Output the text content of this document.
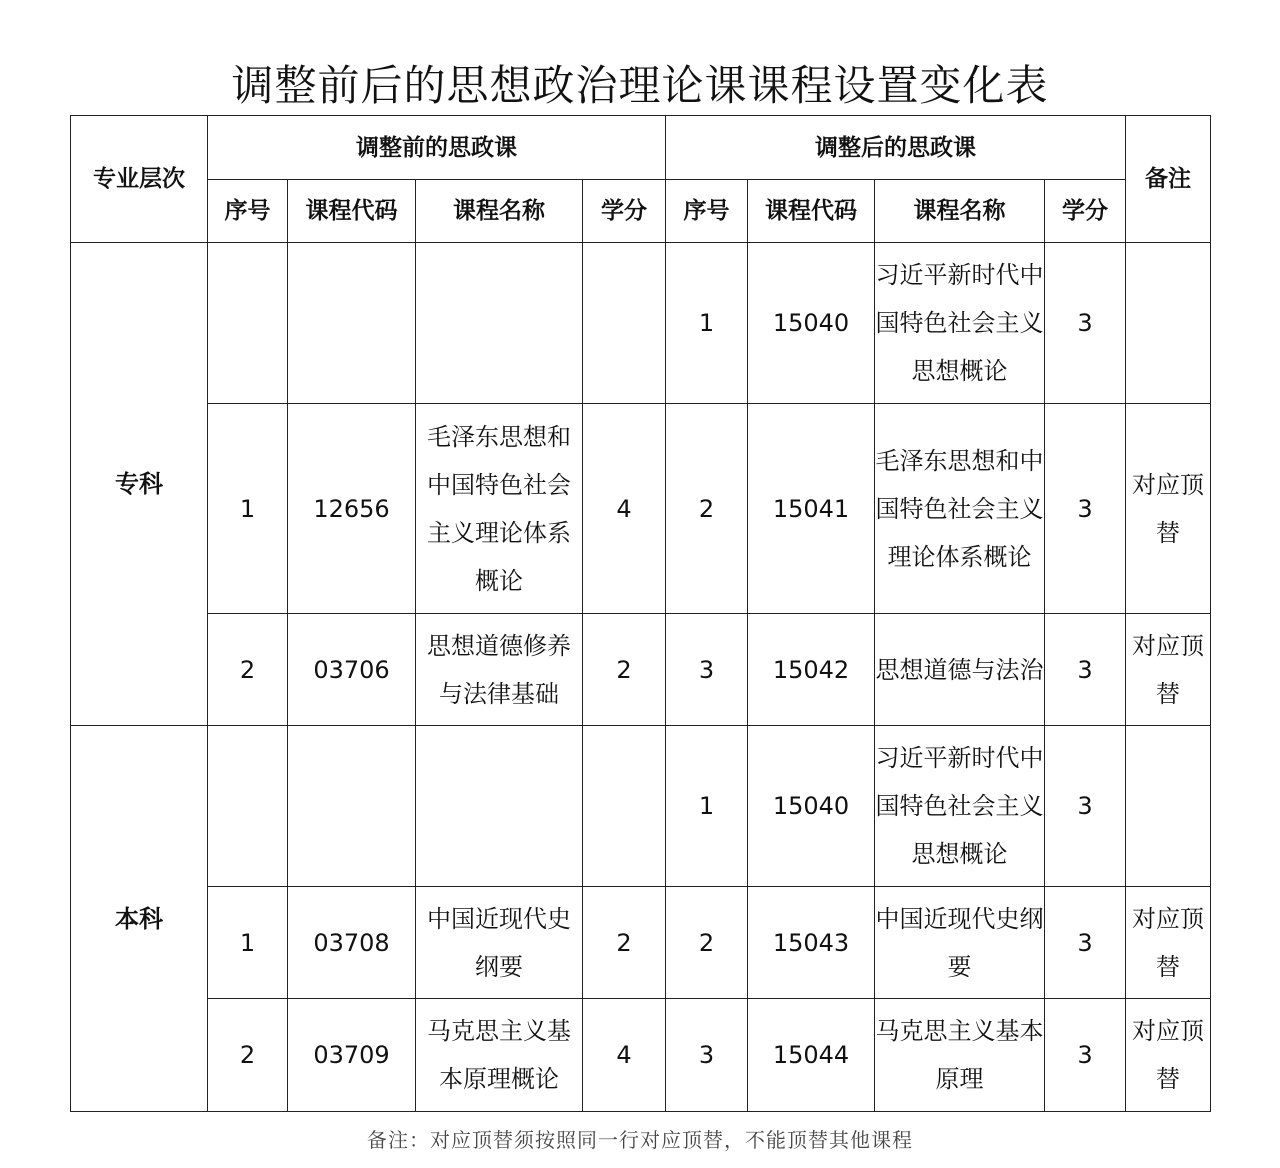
调整前后的思想政治理论课课程设置变化表
专业层次	调整前的思政课				调整后的思政课				备注
	序号	课程代码	课程名称	学分	序号	课程代码	课程名称	学分	
专科					1	15040	习近平新时代中国特色社会主义思想概论	3	

	1	12656	毛泽东思想和中国特色社会主义理论体系概论	4	2	15041	毛泽东思想和中国特色社会主义理论体系概论	3	对应顶替

	2	03706	思想道德修养与法律基础	2	3	15042	思想道德与法治	3	对应顶替

本科					1	15040	习近平新时代中国特色社会主义思想概论	3	

	1	03708	中国近现代史纲要	2	2	15043	中国近现代史纲要	3	对应顶替

	2	03709	马克思主义基本原理概论	4	3	15044	马克思主义基本原理	3	对应顶替
备注：对应顶替须按照同一行对应顶替，不能顶替其他课程
